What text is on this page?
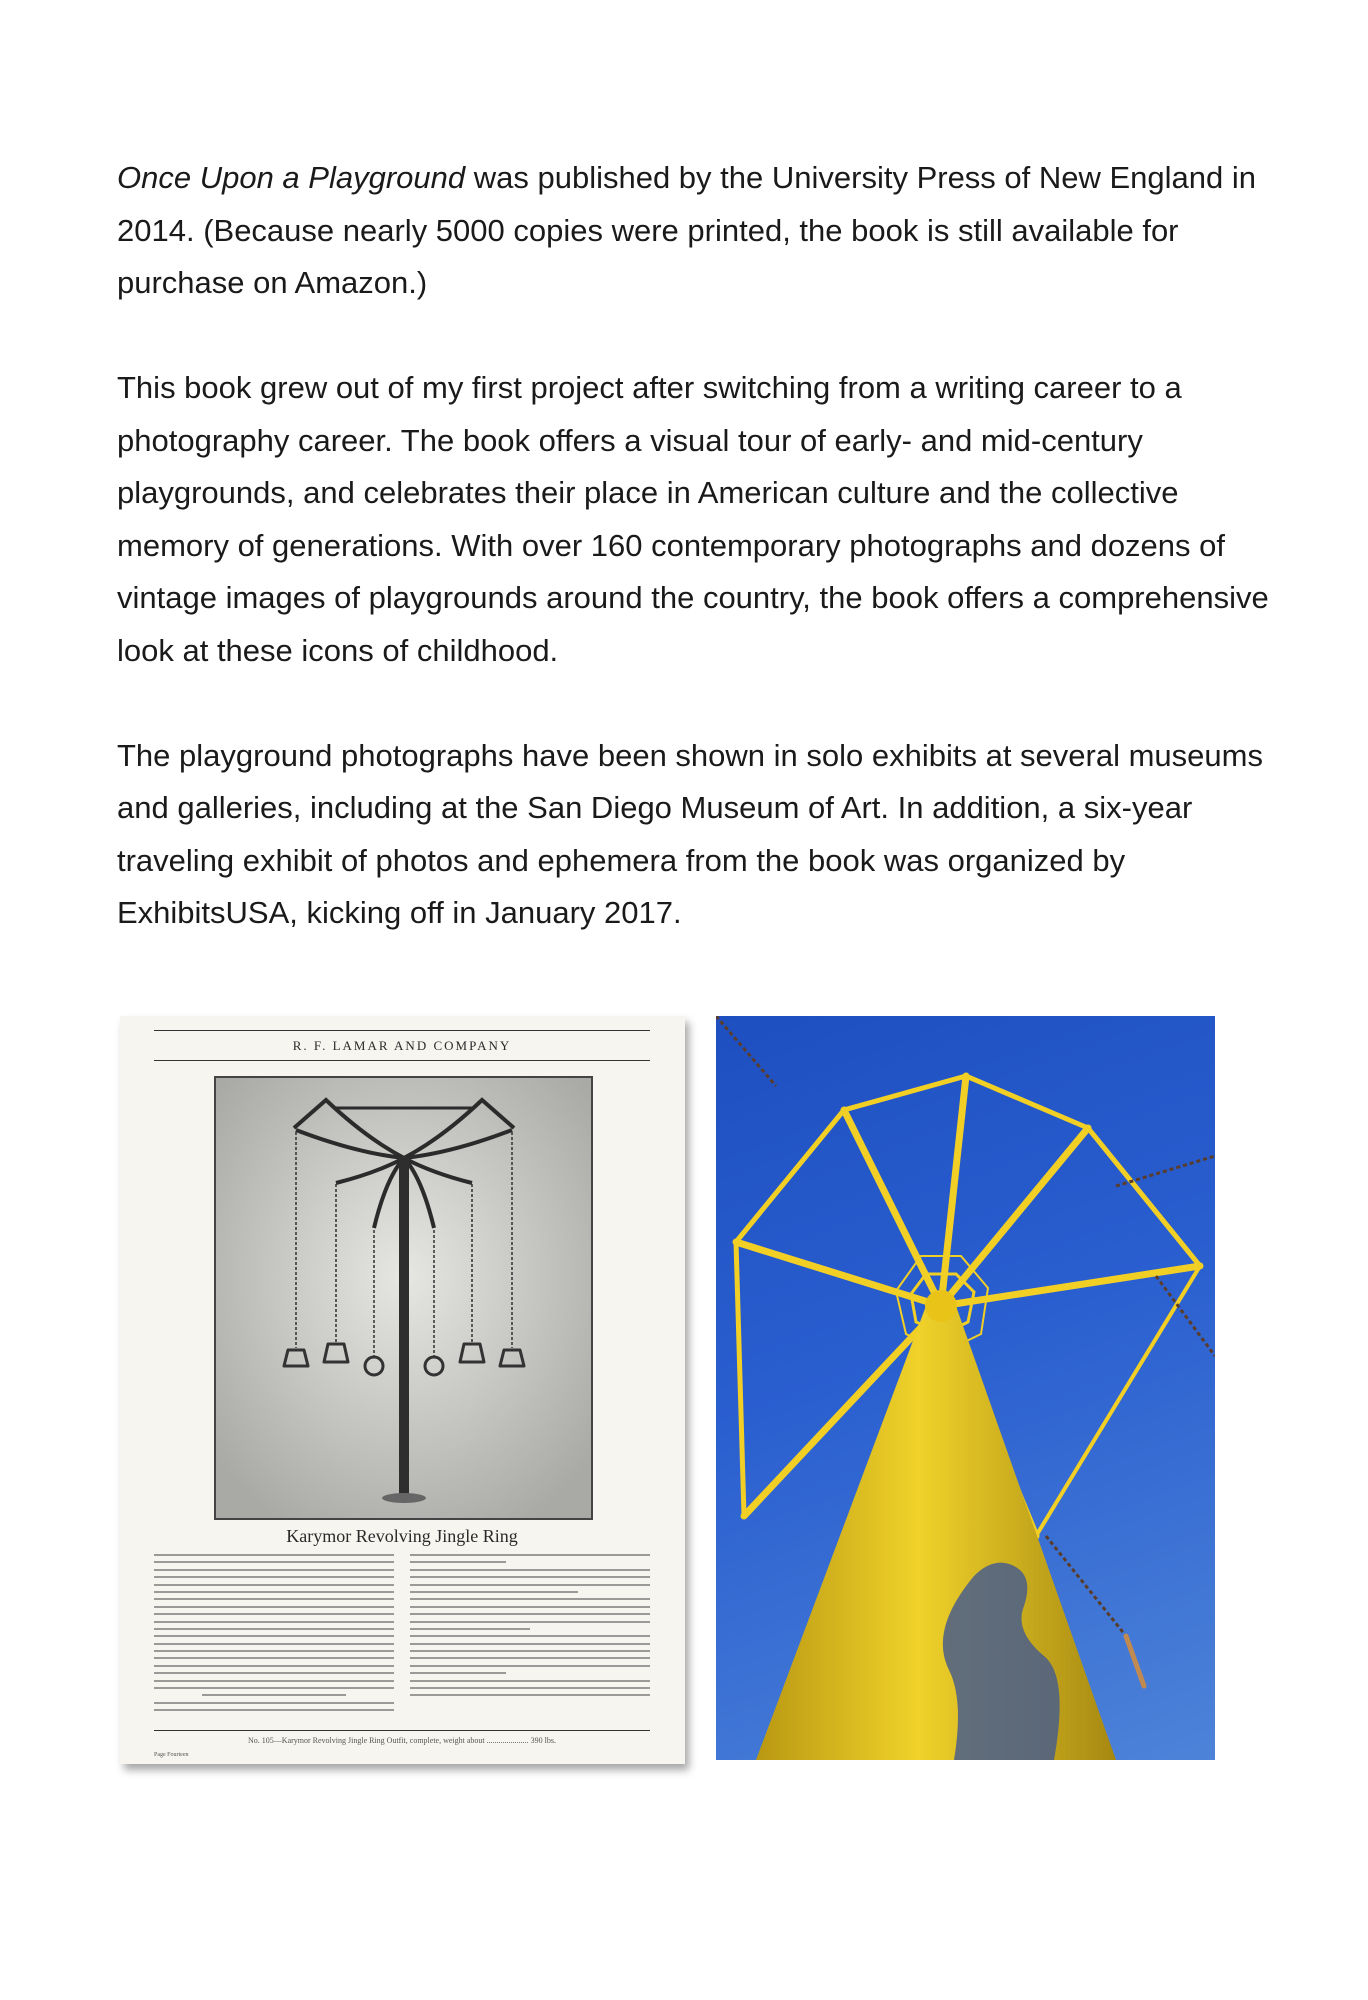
Once Upon a Playground was published by the University Press of New England in 2014. (Because nearly 5000 copies were printed, the book is still available for purchase on Amazon.)

This book grew out of my first project after switching from a writing career to a photography career. The book offers a visual tour of early- and mid-century playgrounds, and celebrates their place in American culture and the collective memory of generations. With over 160 contemporary photographs and dozens of vintage images of playgrounds around the country, the book offers a comprehensive look at these icons of childhood.

The playground photographs have been shown in solo exhibits at several museums and galleries, including at the San Diego Museum of Art. In addition, a six-year traveling exhibit of photos and ephemera from the book was organized by ExhibitsUSA, kicking off in January 2017.

R. F. LAMAR AND COMPANY
Karymor Revolving Jingle Ring
No. 105—Karymor Revolving Jingle Ring Outfit, complete, weight about ..................... 390 lbs.
Page Fourteen
